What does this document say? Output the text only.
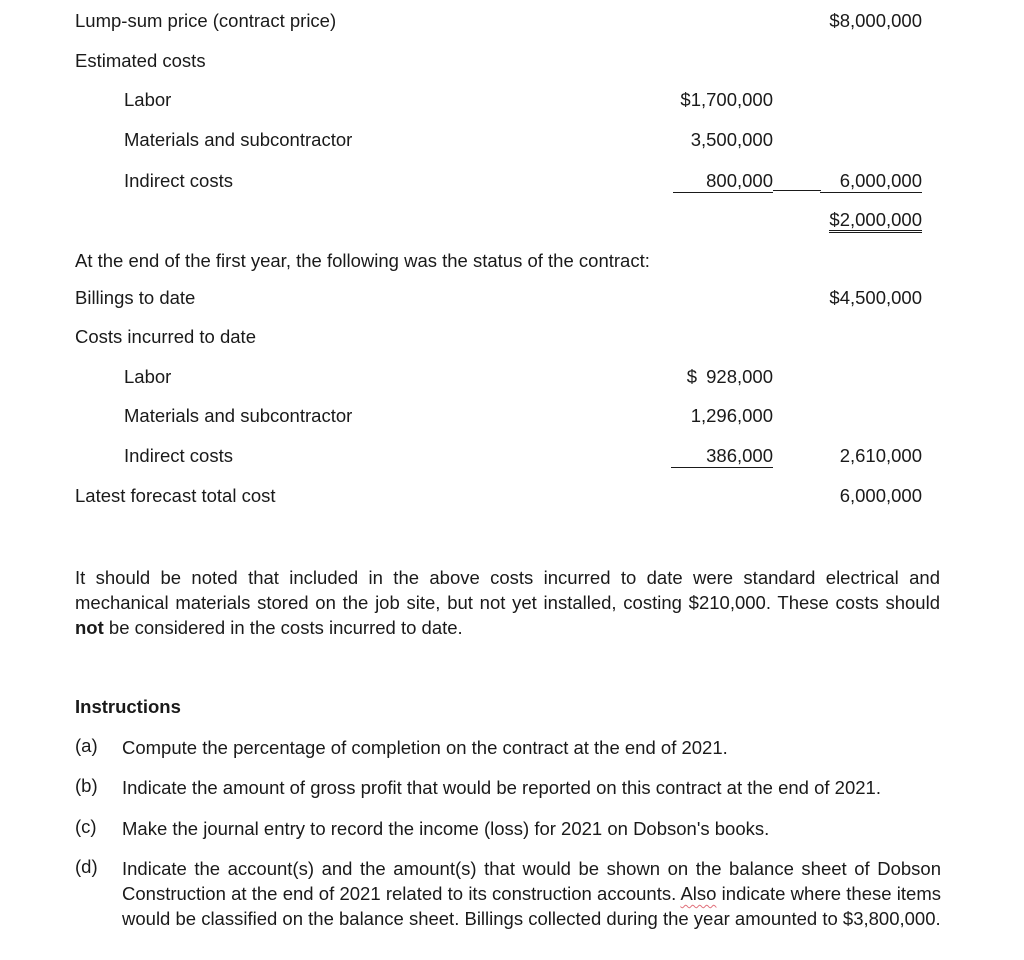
Lump-sum price (contract price)	$8,000,000
Estimated costs
Labor	$1,700,000
Materials and subcontractor	3,500,000
Indirect costs	800,000	6,000,000
$2,000,000
At the end of the first year, the following was the status of the contract:
Billings to date	$4,500,000
Costs incurred to date
Labor	$ 928,000
Materials and subcontractor	1,296,000
Indirect costs	386,000	2,610,000
Latest forecast total cost	6,000,000
It should be noted that included in the above costs incurred to date were standard electrical and mechanical materials stored on the job site, but not yet installed, costing $210,000. These costs should not be considered in the costs incurred to date.
Instructions
(a) Compute the percentage of completion on the contract at the end of 2021.
(b) Indicate the amount of gross profit that would be reported on this contract at the end of 2021.
(c) Make the journal entry to record the income (loss) for 2021 on Dobson's books.
(d) Indicate the account(s) and the amount(s) that would be shown on the balance sheet of Dobson Construction at the end of 2021 related to its construction accounts. Also indicate where these items would be classified on the balance sheet. Billings collected during the year amounted to $3,800,000.
